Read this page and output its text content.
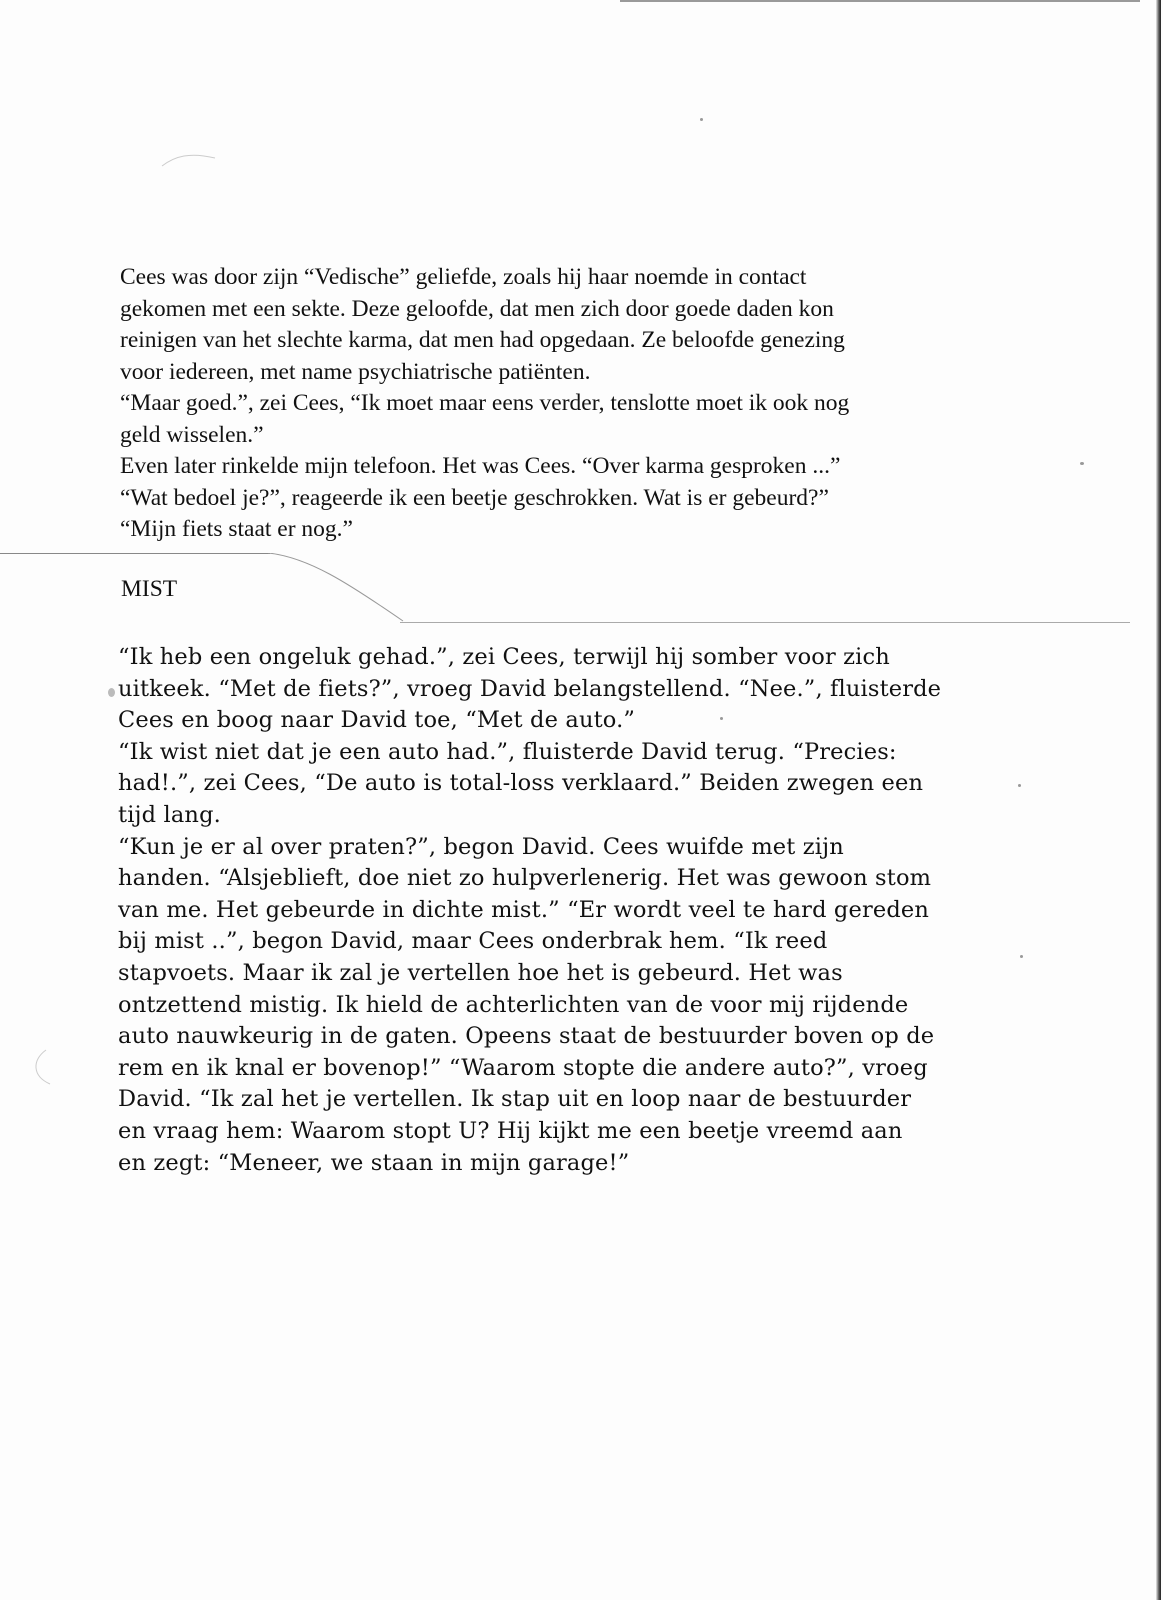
Cees was door zijn “Vedische” geliefde, zoals hij haar noemde in contact
gekomen met een sekte. Deze geloofde, dat men zich door goede daden kon
reinigen van het slechte karma, dat men had opgedaan. Ze beloofde genezing
voor iedereen, met name psychiatrische patiënten.
“Maar goed.”, zei Cees, “Ik moet maar eens verder, tenslotte moet ik ook nog
geld wisselen.”
Even later rinkelde mijn telefoon. Het was Cees. “Over karma gesproken ...”
“Wat bedoel je?”, reageerde ik een beetje geschrokken. Wat is er gebeurd?”
“Mijn fiets staat er nog.”
MIST
“Ik heb een ongeluk gehad.”, zei Cees, terwijl hij somber voor zich
uitkeek. “Met de fiets?”, vroeg David belangstellend. “Nee.”, fluisterde
Cees en boog naar David toe, “Met de auto.”
“Ik wist niet dat je een auto had.”, fluisterde David terug. “Precies:
had!.”, zei Cees, “De auto is total-loss verklaard.” Beiden zwegen een
tijd lang.
“Kun je er al over praten?”, begon David. Cees wuifde met zijn
handen. “Alsjeblieft, doe niet zo hulpverlenerig. Het was gewoon stom
van me. Het gebeurde in dichte mist.” “Er wordt veel te hard gereden
bij mist ..”, begon David, maar Cees onderbrak hem. “Ik reed
stapvoets. Maar ik zal je vertellen hoe het is gebeurd. Het was
ontzettend mistig. Ik hield de achterlichten van de voor mij rijdende
auto nauwkeurig in de gaten. Opeens staat de bestuurder boven op de
rem en ik knal er bovenop!” “Waarom stopte die andere auto?”, vroeg
David. “Ik zal het je vertellen. Ik stap uit en loop naar de bestuurder
en vraag hem: Waarom stopt U? Hij kijkt me een beetje vreemd aan
en zegt: “Meneer, we staan in mijn garage!”
